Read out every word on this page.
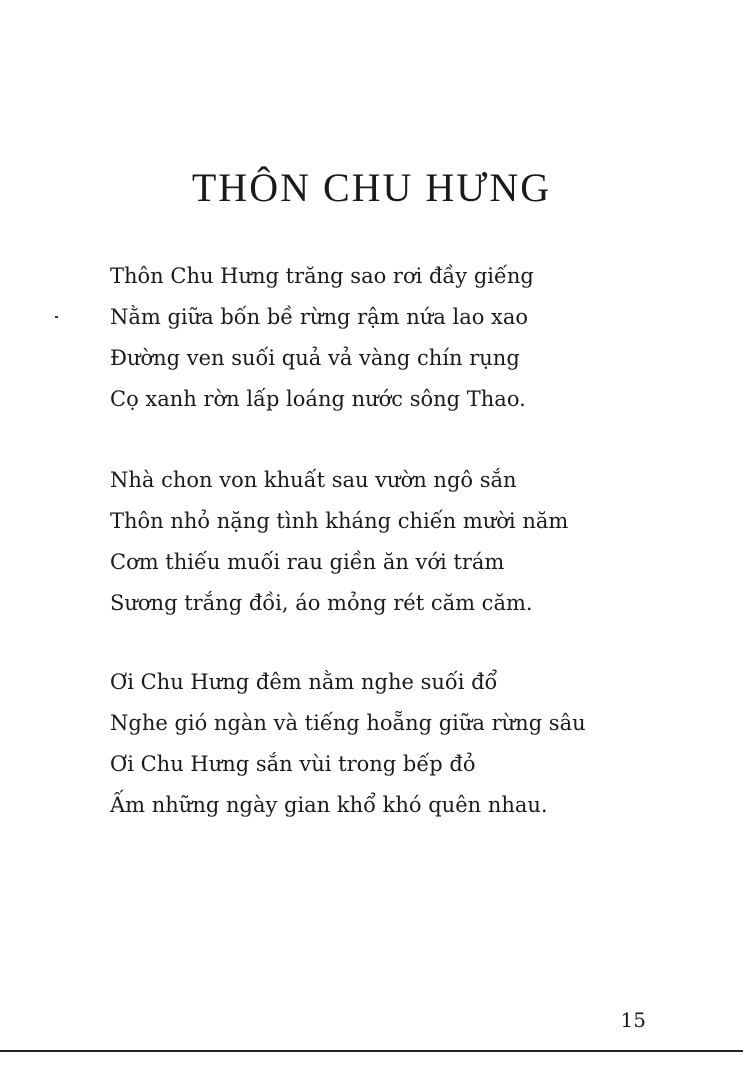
THÔN CHU HƯNG
Thôn Chu Hưng trăng sao rơi đầy giếng
Nằm giữa bốn bề rừng rậm nứa lao xao
Đường ven suối quả vả vàng chín rụng
Cọ xanh rờn lấp loáng nước sông Thao.
Nhà chon von khuất sau vườn ngô sắn
Thôn nhỏ nặng tình kháng chiến mười năm
Cơm thiếu muối rau giền ăn với trám
Sương trắng đồi, áo mỏng rét căm căm.
Ơi Chu Hưng đêm nằm nghe suối đổ
Nghe gió ngàn và tiếng hoẵng giữa rừng sâu
Ơi Chu Hưng sắn vùi trong bếp đỏ
Ấm những ngày gian khổ khó quên nhau.
15
